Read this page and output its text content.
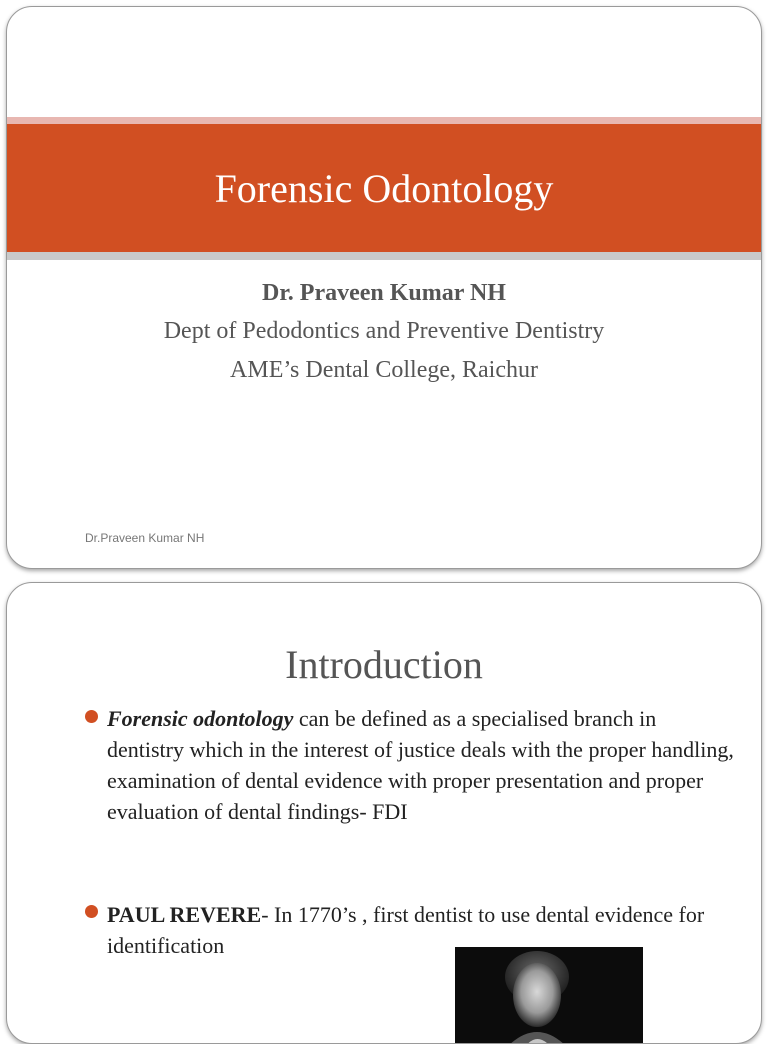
Forensic Odontology
Dr. Praveen Kumar NH
Dept of Pedodontics and Preventive Dentistry
AME’s Dental College, Raichur
Dr.Praveen Kumar NH
Introduction
Forensic odontology can be defined as a specialised branch in dentistry which in the interest of justice deals with the proper handling, examination of dental evidence with proper presentation and proper evaluation of dental findings- FDI
PAUL REVERE- In 1770’s , first dentist to use dental evidence for identification
